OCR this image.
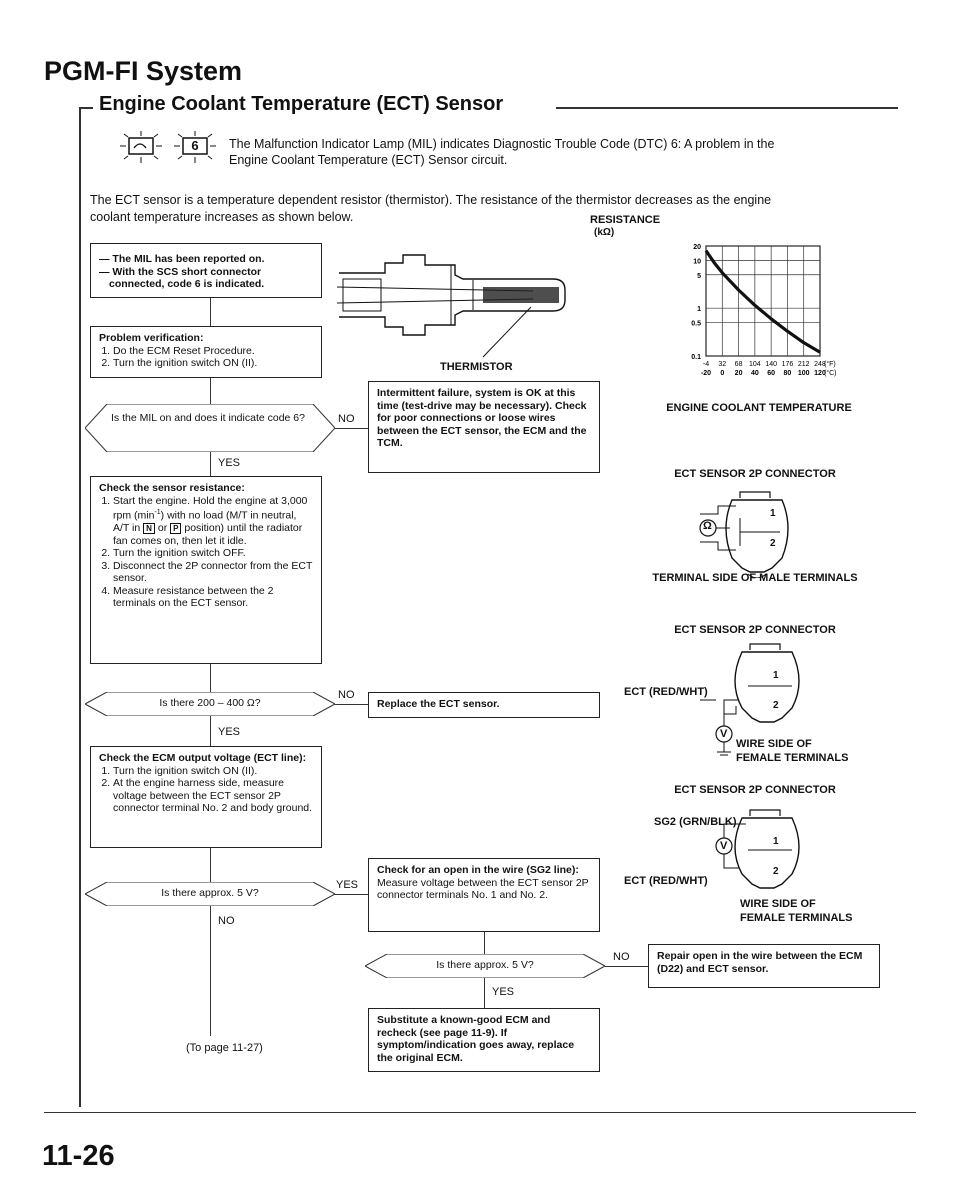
PGM-FI System
Engine Coolant Temperature (ECT) Sensor
6	The Malfunction Indicator Lamp (MIL) indicates Diagnostic Trouble Code (DTC) 6: A problem in the
Engine Coolant Temperature (ECT) Sensor circuit.
The ECT sensor is a temperature dependent resistor (thermistor). The resistance of the thermistor decreases as the engine
coolant temperature increases as shown below.
— The MIL has been reported on.
— With the SCS short connector connected, code 6 is indicated.
Problem verification:
1. Do the ECM Reset Procedure.
2. Turn the ignition switch ON (II).
Is the MIL on and does it indicate code 6?	NO
YES
Intermittent failure, system is OK at this time (test-drive may be necessary). Check for poor connections or loose wires between the ECT sensor, the ECM and the TCM.
Check the sensor resistance:
1. Start the engine. Hold the engine at 3,000 rpm $(\min^{-1})$ with no load (M/T in neutral, A/T in N or P position) until the radiator fan comes on, then let it idle.
2. Turn the ignition switch OFF.
3. Disconnect the 2P connector from the ECT sensor.
4. Measure resistance between the 2 terminals on the ECT sensor.
Is there 200 – 400 Ω?
NO
YES
Replace the ECT sensor.
Check the ECM output voltage (ECT line):
1. Turn the ignition switch ON (II).
2. At the engine harness side, measure voltage between the ECT sensor 2P connector terminal No. 2 and body ground.
Is there approx. 5 V?
YES
NO
(To page 11-27)
Check for an open in the wire (SG2 line):
Measure voltage between the ECT sensor 2P connector terminals No. 1 and No. 2.
Is there approx. 5 V?
NO
YES
Repair open in the wire between the ECM (D22) and ECT sensor.
Substitute a known-good ECM and recheck (see page 11-9). If symptom/indication goes away, replace the original ECM.
THERMISTOR
RESISTANCE
(kΩ)
-4
-20
32
0
68
20
104
40
140
60
176
80
212
100
248
120
(°F)
(°C)
20
10
5
1
0.5
0.1
ENGINE COOLANT TEMPERATURE
ECT SENSOR 2P CONNECTOR
Ω
1
2
TERMINAL SIDE OF MALE TERMINALS
ECT SENSOR 2P CONNECTOR
ECT (RED/WHT)
1
2
V
WIRE SIDE OF
FEMALE TERMINALS
ECT SENSOR 2P CONNECTOR
SG2 (GRN/BLK)
V
ECT (RED/WHT)
1
2
WIRE SIDE OF
FEMALE TERMINALS
11-26
